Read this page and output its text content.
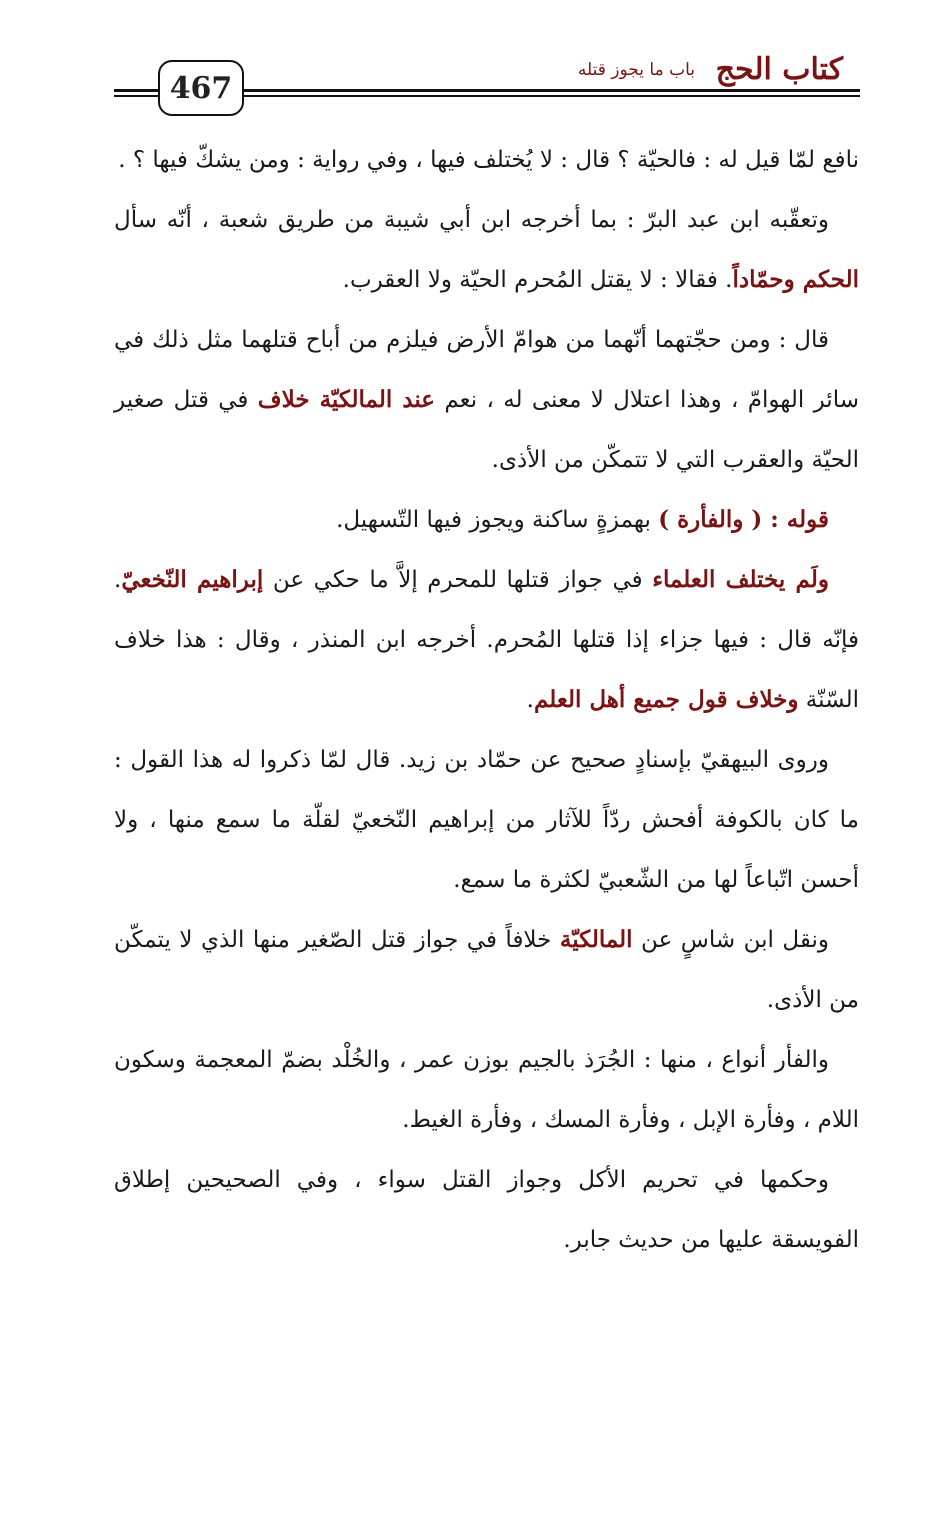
كتاب الحج
باب ما يجوز قتله
467

نافع لمّا قيل له : فالحيّة ؟ قال : لا يُختلف فيها ، وفي رواية : ومن يشكّ فيها ؟ .

وتعقّبه ابن عبد البرّ : بما أخرجه ابن أبي شيبة من طريق شعبة ، أنّه سأل الحكم وحمّاداً. فقالا : لا يقتل المُحرم الحيّة ولا العقرب.

قال : ومن حجّتهما أنّهما من هوامّ الأرض فيلزم من أباح قتلهما مثل ذلك في سائر الهوامّ ، وهذا اعتلال لا معنى له ، نعم عند المالكيّة خلاف في قتل صغير الحيّة والعقرب التي لا تتمكّن من الأذى.

قوله : ( والفأرة ) بهمزةٍ ساكنة ويجوز فيها التّسهيل.

ولَم يختلف العلماء في جواز قتلها للمحرم إلاَّ ما حكي عن إبراهيم النّخعيّ. فإنّه قال : فيها جزاء إذا قتلها المُحرم. أخرجه ابن المنذر ، وقال : هذا خلاف السّنّة وخلاف قول جميع أهل العلم.

وروى البيهقيّ بإسنادٍ صحيح عن حمّاد بن زيد. قال لمّا ذكروا له هذا القول : ما كان بالكوفة أفحش ردّاً للآثار من إبراهيم النّخعيّ لقلّة ما سمع منها ، ولا أحسن اتّباعاً لها من الشّعبيّ لكثرة ما سمع.

ونقل ابن شاسٍ عن المالكيّة خلافاً في جواز قتل الصّغير منها الذي لا يتمكّن من الأذى.

والفأر أنواع ، منها : الجُرَذ بالجيم بوزن عمر ، والخُلْد بضمّ المعجمة وسكون اللام ، وفأرة الإبل ، وفأرة المسك ، وفأرة الغيط.

وحكمها في تحريم الأكل وجواز القتل سواء ، وفي الصحيحين إطلاق الفويسقة عليها من حديث جابر.
